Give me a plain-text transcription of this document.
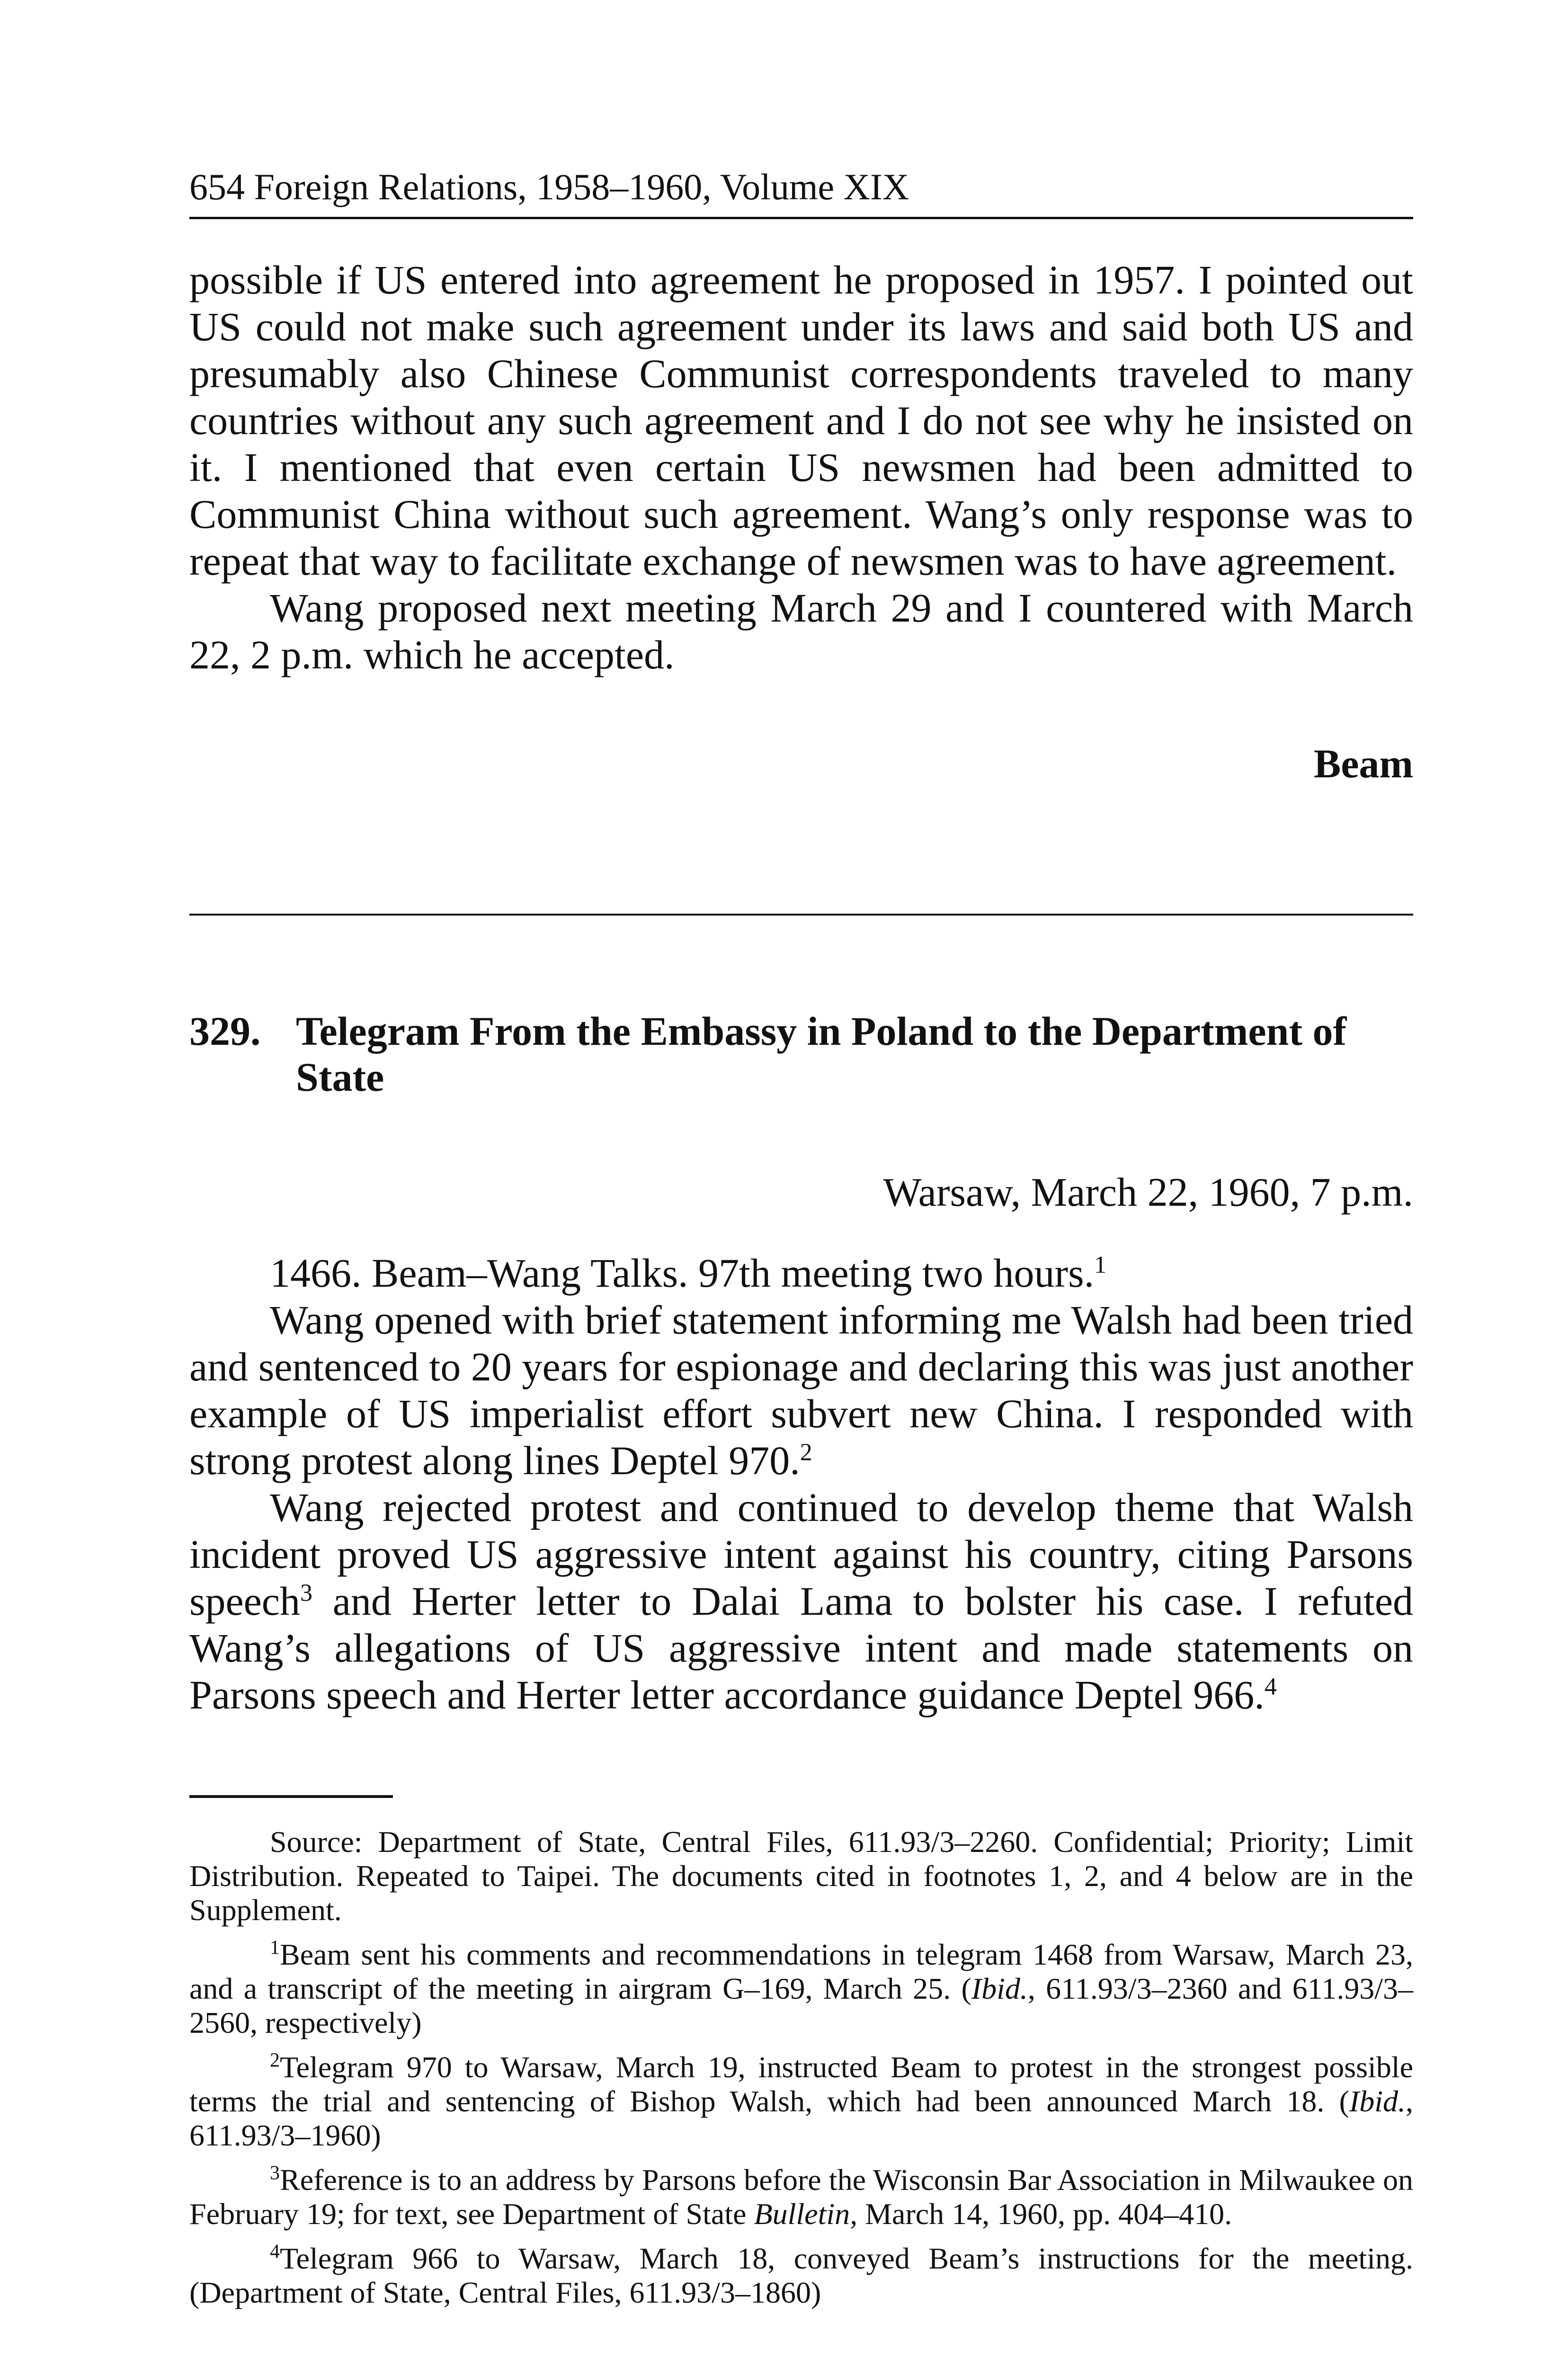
654 Foreign Relations, 1958–1960, Volume XIX

possible if US entered into agreement he proposed in 1957. I pointed out US could not make such agreement under its laws and said both US and presumably also Chinese Communist correspondents traveled to many countries without any such agreement and I do not see why he insisted on it. I mentioned that even certain US newsmen had been admitted to Communist China without such agreement. Wang’s only response was to repeat that way to facilitate exchange of newsmen was to have agreement.

Wang proposed next meeting March 29 and I countered with March 22, 2 p.m. which he accepted.

Beam
329. Telegram From the Embassy in Poland to the Department of State
Warsaw, March 22, 1960, 7 p.m.

1466. Beam–Wang Talks. 97th meeting two hours.$^1$

Wang opened with brief statement informing me Walsh had been tried and sentenced to 20 years for espionage and declaring this was just another example of US imperialist effort subvert new China. I responded with strong protest along lines Deptel 970.$^2$

Wang rejected protest and continued to develop theme that Walsh incident proved US aggressive intent against his country, citing Parsons speech$^3$ and Herter letter to Dalai Lama to bolster his case. I refuted Wang’s allegations of US aggressive intent and made statements on Parsons speech and Herter letter accordance guidance Deptel 966.$^4$

Source: Department of State, Central Files, 611.93/3–2260. Confidential; Priority; Limit Distribution. Repeated to Taipei. The documents cited in footnotes 1, 2, and 4 below are in the Supplement.

$^1$Beam sent his comments and recommendations in telegram 1468 from Warsaw, March 23, and a transcript of the meeting in airgram G–169, March 25. (Ibid., 611.93/3–2360 and 611.93/3–2560, respectively)

$^2$Telegram 970 to Warsaw, March 19, instructed Beam to protest in the strongest possible terms the trial and sentencing of Bishop Walsh, which had been announced March 18. (Ibid., 611.93/3–1960)

$^3$Reference is to an address by Parsons before the Wisconsin Bar Association in Milwaukee on February 19; for text, see Department of State Bulletin, March 14, 1960, pp. 404–410.

$^4$Telegram 966 to Warsaw, March 18, conveyed Beam’s instructions for the meeting. (Department of State, Central Files, 611.93/3–1860)
